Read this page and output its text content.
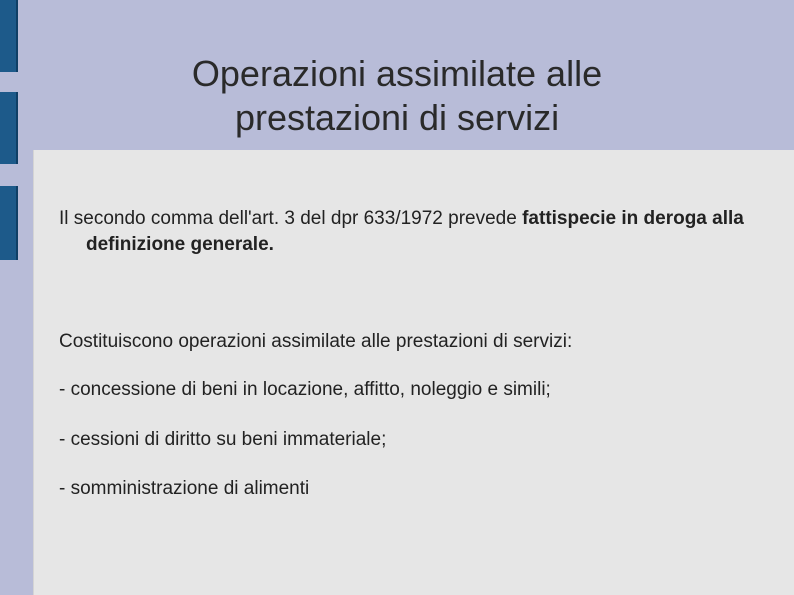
Operazioni assimilate alle
prestazioni di servizi

Il secondo comma dell'art. 3 del dpr 633/1972 prevede fattispecie in deroga alla definizione generale.

Costituiscono operazioni assimilate alle prestazioni di servizi:

- concessione di beni in locazione, affitto, noleggio e simili;

- cessioni di diritto su beni immateriale;

- somministrazione di alimenti
